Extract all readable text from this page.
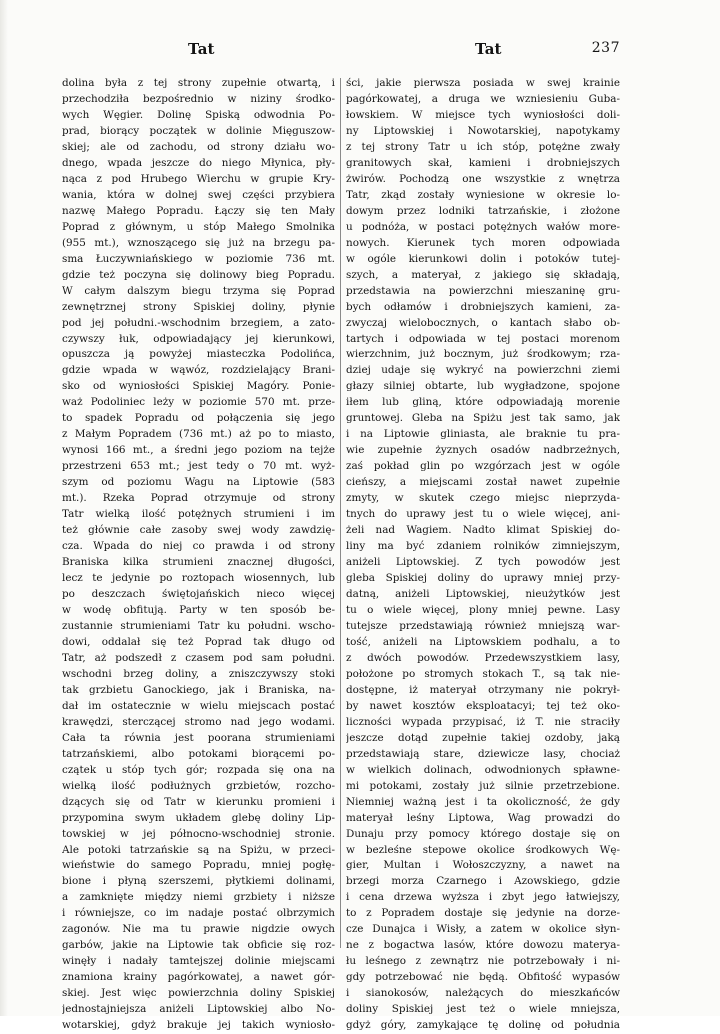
Tat	Tat	237
dolina była z tej strony zupełnie otwartą, i
przechodziła bezpośrednio w niziny środko-
wych Węgier. Dolinę Spiską odwodnia Po-
prad, biorący początek w dolinie Mięguszow-
skiej; ale od zachodu, od strony działu wo-
dnego, wpada jeszcze do niego Młynica, pły-
nąca z pod Hrubego Wierchu w grupie Kry-
wania, która w dolnej swej części przybiera
nazwę Małego Popradu. Łączy się ten Mały
Poprad z głównym, u stóp Małego Smolnika
(955 mt.), wznoszącego się już na brzegu pa-
sma Łuczywniańskiego w poziomie 736 mt.
gdzie też poczyna się dolinowy bieg Popradu.
W całym dalszym biegu trzyma się Poprad
zewnętrznej strony Spiskiej doliny, płynie
pod jej południ.-wschodnim brzegiem, a zato-
czywszy łuk, odpowiadający jej kierunkowi,
opuszcza ją powyżej miasteczka Podolińca,
gdzie wpada w wąwóz, rozdzielający Brani-
sko od wyniosłości Spiskiej Magóry. Ponie-
waż Podoliniec leży w poziomie 570 mt. prze-
to spadek Popradu od połączenia się jego
z Małym Popradem (736 mt.) aż po to miasto,
wynosi 166 mt., a średni jego poziom na tejże
przestrzeni 653 mt.; jest tedy o 70 mt. wyż-
szym od poziomu Wagu na Liptowie (583
mt.). Rzeka Poprad otrzymuje od strony
Tatr wielką ilość potężnych strumieni i im
też głównie całe zasoby swej wody zawdzię-
cza. Wpada do niej co prawda i od strony
Braniska kilka strumieni znacznej długości,
lecz te jedynie po roztopach wiosennych, lub
po deszczach świętojańskich nieco więcej
w wodę obfitują. Party w ten sposób be-
zustannie strumieniami Tatr ku południ. wscho-
dowi, oddalał się też Poprad tak długo od
Tatr, aż podszedł z czasem pod sam południ.
wschodni brzeg doliny, a zniszczywszy stoki
tak grzbietu Ganockiego, jak i Braniska, na-
dał im ostatecznie w wielu miejscach postać
krawędzi, sterczącej stromo nad jego wodami.
Cała ta równia jest poorana strumieniami
tatrzańskiemi, albo potokami biorącemi po-
czątek u stóp tych gór; rozpada się ona na
wielką ilość podłużnych grzbietów, rozcho-
dzących się od Tatr w kierunku promieni i
przypomina swym układem glebę doliny Lip-
towskiej w jej północno-wschodniej stronie.
Ale potoki tatrzańskie są na Spiżu, w przeci-
wieństwie do samego Popradu, mniej pogłę-
bione i płyną szerszemi, płytkiemi dolinami,
a zamknięte między niemi grzbiety i niższe
i równiejsze, co im nadaje postać olbrzymich
zagonów. Nie ma tu prawie nigdzie owych
garbów, jakie na Liptowie tak obficie się roz-
winęły i nadały tamtejszej dolinie miejscami
znamiona krainy pagórkowatej, a nawet gór-
skiej. Jest więc powierzchnia doliny Spiskiej
jednostajniejsza aniżeli Liptowskiej albo No-
wotarskiej, gdyż brakuje jej takich wyniosło-
ści, jakie pierwsza posiada w swej krainie
pagórkowatej, a druga we wzniesieniu Guba-
łowskiem. W miejsce tych wyniosłości doli-
ny Liptowskiej i Nowotarskiej, napotykamy
z tej strony Tatr u ich stóp, potężne zwały
granitowych skał, kamieni i drobniejszych
żwirów. Pochodzą one wszystkie z wnętrza
Tatr, zkąd zostały wyniesione w okresie lo-
dowym przez lodniki tatrzańskie, i złożone
u podnóża, w postaci potężnych wałów more-
nowych. Kierunek tych moren odpowiada
w ogóle kierunkowi dolin i potoków tutej-
szych, a materyał, z jakiego się składają,
przedstawia na powierzchni mieszaninę gru-
bych odłamów i drobniejszych kamieni, za-
zwyczaj wielobocznych, o kantach słabo ob-
tartych i odpowiada w tej postaci morenom
wierzchnim, już bocznym, już środkowym; rza-
dziej udaje się wykryć na powierzchni ziemi
głazy silniej obtarte, lub wygładzone, spojone
iłem lub gliną, które odpowiadają morenie
gruntowej. Gleba na Spiżu jest tak samo, jak
i na Liptowie gliniasta, ale braknie tu pra-
wie zupełnie żyznych osadów nadbrzeżnych,
zaś pokład glin po wzgórzach jest w ogóle
cieńszy, a miejscami został nawet zupełnie
zmyty, w skutek czego miejsc nieprzyda-
tnych do uprawy jest tu o wiele więcej, ani-
żeli nad Wagiem. Nadto klimat Spiskiej do-
liny ma być zdaniem rolników zimniejszym,
aniżeli Liptowskiej. Z tych powodów jest
gleba Spiskiej doliny do uprawy mniej przy-
datną, aniżeli Liptowskiej, nieużytków jest
tu o wiele więcej, plony mniej pewne. Lasy
tutejsze przedstawiają również mniejszą war-
tość, aniżeli na Liptowskiem podhalu, a to
z dwóch powodów. Przedewszystkiem lasy,
położone po stromych stokach T., są tak nie-
dostępne, iż materyał otrzymany nie pokrył-
by nawet kosztów eksploatacyi; tej też oko-
liczności wypada przypisać, iż T. nie straciły
jeszcze dotąd zupełnie takiej ozdoby, jaką
przedstawiają stare, dziewicze lasy, chociaż
w wielkich dolinach, odwodnionych spławne-
mi potokami, zostały już silnie przetrzebione.
Niemniej ważną jest i ta okoliczność, że gdy
materyał leśny Liptowa, Wag prowadzi do
Dunaju przy pomocy którego dostaje się on
w bezleśne stepowe okolice środkowych Wę-
gier, Multan i Wołoszczyzny, a nawet na
brzegi morza Czarnego i Azowskiego, gdzie
i cena drzewa wyższa i zbyt jego łatwiejszy,
to z Popradem dostaje się jedynie na dorze-
cze Dunajca i Wisły, a zatem w okolice słyn-
ne z bogactwa lasów, które dowozu materya-
łu leśnego z zewnątrz nie potrzebowały i ni-
gdy potrzebować nie będą. Obfitość wypasów
i sianokosów, należących do mieszkańców
doliny Spiskiej jest też o wiele mniejsza,
gdyż góry, zamykające tę dolinę od południa
